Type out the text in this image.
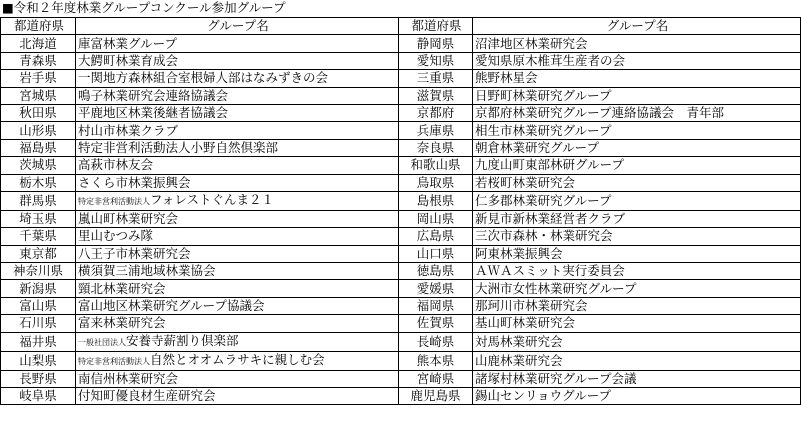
■令和２年度林業グループコンクール参加グループ
都道府県	グループ名	都道府県	グループ名
北海道	庫富林業グループ	静岡県	沼津地区林業研究会
青森県	大鰐町林業育成会	愛知県	愛知県原木椎茸生産者の会
岩手県	一関地方森林組合室根婦人部はなみずきの会	三重県	熊野林星会
宮城県	鳴子林業研究会連絡協議会	滋賀県	日野町林業研究グループ
秋田県	平鹿地区林業後継者協議会	京都府	京都府林業研究グループ連絡協議会　青年部
山形県	村山市林業クラブ	兵庫県	相生市林業研究グループ
福島県	特定非営利活動法人小野自然倶楽部	奈良県	朝倉林業研究グループ
茨城県	高萩市林友会	和歌山県	九度山町東部林研グループ
栃木県	さくら市林業振興会	鳥取県	若桜町林業研究会
群馬県	特定非営利活動法人フォレストぐんま２１	島根県	仁多郡林業研究グループ
埼玉県	嵐山町林業研究会	岡山県	新見市新林業経営者クラブ
千葉県	里山むつみ隊	広島県	三次市森林・林業研究会
東京都	八王子市林業研究会	山口県	阿東林業振興会
神奈川県	横須賀三浦地域林業協会	徳島県	ＡＷＡスミット実行委員会
新潟県	頸北林業研究会	愛媛県	大洲市女性林業研究グループ
富山県	富山地区林業研究グループ協議会	福岡県	那珂川市林業研究会
石川県	富来林業研究会	佐賀県	基山町林業研究会
福井県	一般社団法人安養寺薪割り倶楽部	長崎県	対馬林業研究会
山梨県	特定非営利活動法人自然とオオムラサキに親しむ会	熊本県	山鹿林業研究会
長野県	南信州林業研究会	宮崎県	諸塚村林業研究グループ会議
岐阜県	付知町優良材生産研究会	鹿児島県	錫山センリョウグループ
